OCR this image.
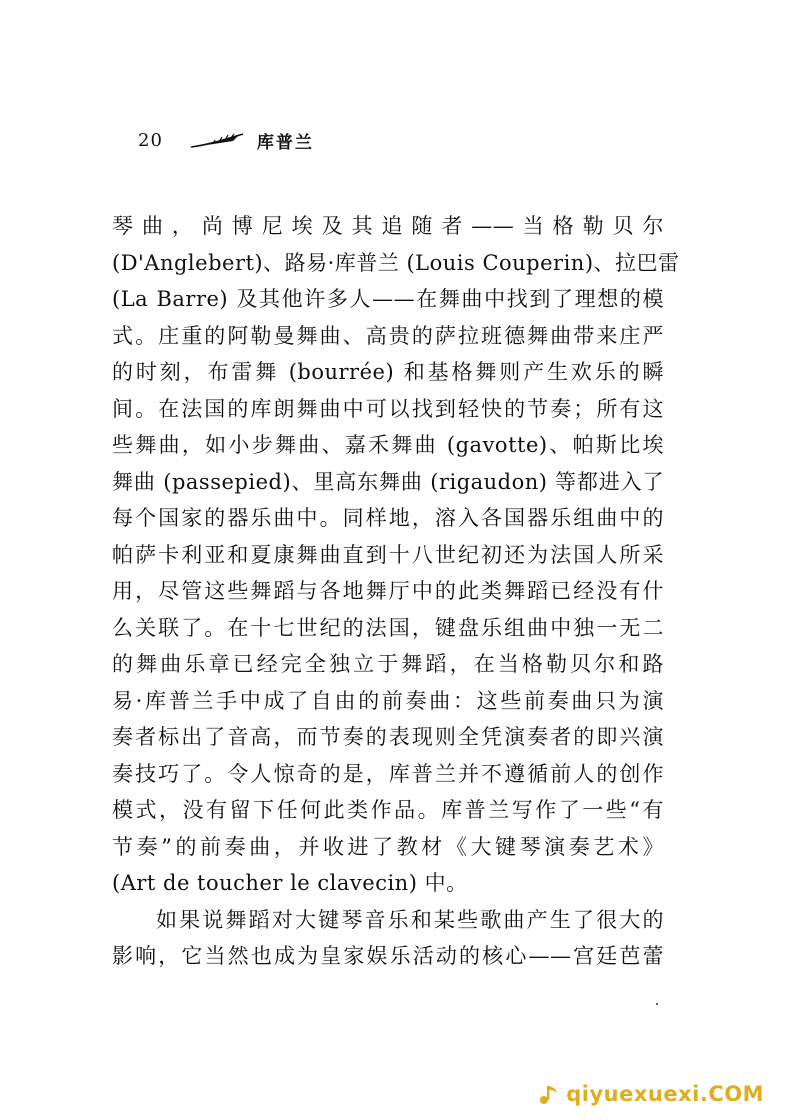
20	库普兰
琴曲，尚博尼埃及其追随者——当格勒贝尔
(D'Anglebert)、路易·库普兰 (Louis Couperin)、拉巴雷
(La Barre) 及其他许多人——在舞曲中找到了理想的模
式。庄重的阿勒曼舞曲、高贵的萨拉班德舞曲带来庄严
的时刻，布雷舞 (bourrée) 和基格舞则产生欢乐的瞬
间。在法国的库朗舞曲中可以找到轻快的节奏；所有这
些舞曲，如小步舞曲、嘉禾舞曲 (gavotte)、帕斯比埃
舞曲 (passepied)、里高东舞曲 (rigaudon) 等都进入了
每个国家的器乐曲中。同样地，溶入各国器乐组曲中的
帕萨卡利亚和夏康舞曲直到十八世纪初还为法国人所采
用，尽管这些舞蹈与各地舞厅中的此类舞蹈已经没有什
么关联了。在十七世纪的法国，键盘乐组曲中独一无二
的舞曲乐章已经完全独立于舞蹈，在当格勒贝尔和路
易·库普兰手中成了自由的前奏曲：这些前奏曲只为演
奏者标出了音高，而节奏的表现则全凭演奏者的即兴演
奏技巧了。令人惊奇的是，库普兰并不遵循前人的创作
模式，没有留下任何此类作品。库普兰写作了一些“有
节奏”的前奏曲，并收进了教材《大键琴演奏艺术》
(Art de toucher le clavecin) 中。
如果说舞蹈对大键琴音乐和某些歌曲产生了很大的
影响，它当然也成为皇家娱乐活动的核心——宫廷芭蕾
qiyuexuexi.COM
